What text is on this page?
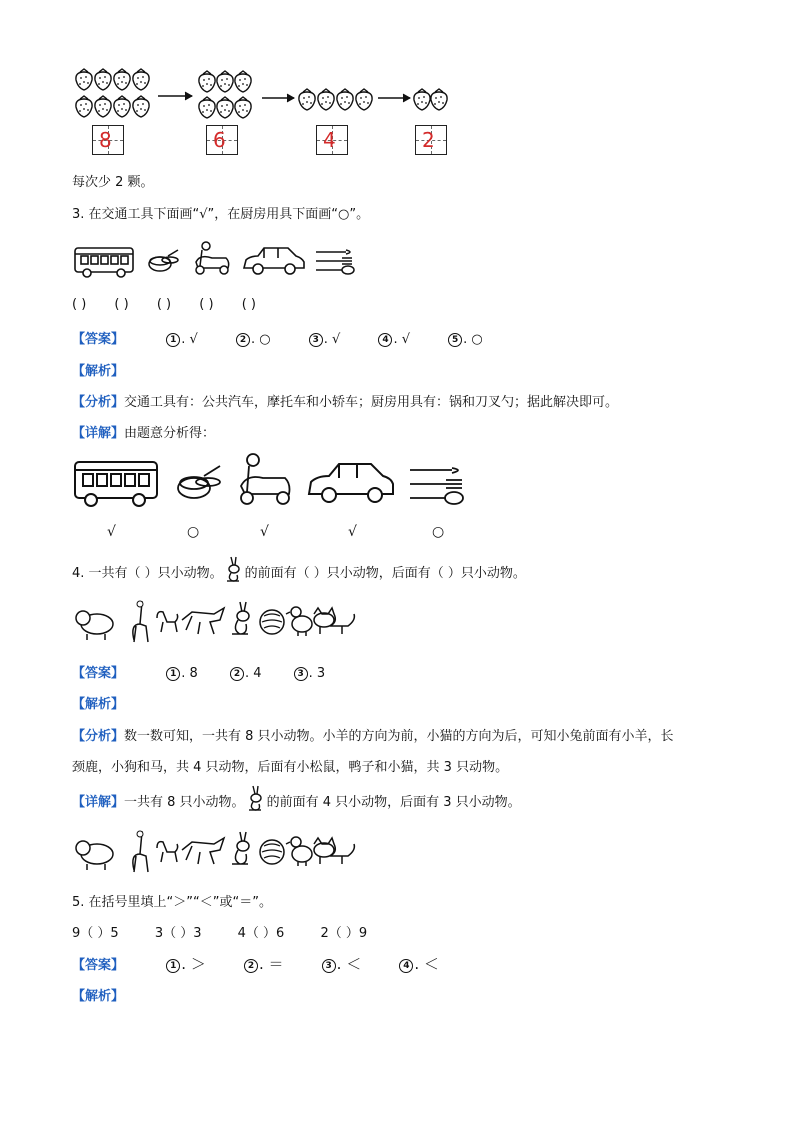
8	6	4	2
每次少 2 颗。
3. 在交通工具下面画“√”，在厨房用具下面画“○”。
( ) ( ) ( ) ( ) ( )
【答案】	1 . √	2 . ○	3 . √	4 . √	5 . ○
【解析】
【分析】交通工具有：公共汽车，摩托车和小轿车；厨房用具有：锅和刀叉勺；据此解决即可。
【详解】由题意分析得：
√	○	√	√	○
4. 一共有（ ）只小动物。 的前面有（ ）只小动物，后面有（ ）只小动物。
【答案】	1 . 8	2 . 4	3 . 3
【解析】
【分析】数一数可知，一共有 8 只小动物。小羊的方向为前，小猫的方向为后，可知小兔前面有小羊，长
颈鹿，小狗和马，共 4 只动物，后面有小松鼠，鸭子和小猫，共 3 只动物。
【详解】一共有 8 只小动物。 的前面有 4 只小动物，后面有 3 只小动物。
5. 在括号里填上“＞”“＜”或“＝”。
9（ ）5	3（ ）3	4（ ）6	2（ ）9
【答案】	1 . ＞	2 . ＝	3 . ＜	4 . ＜
【解析】
